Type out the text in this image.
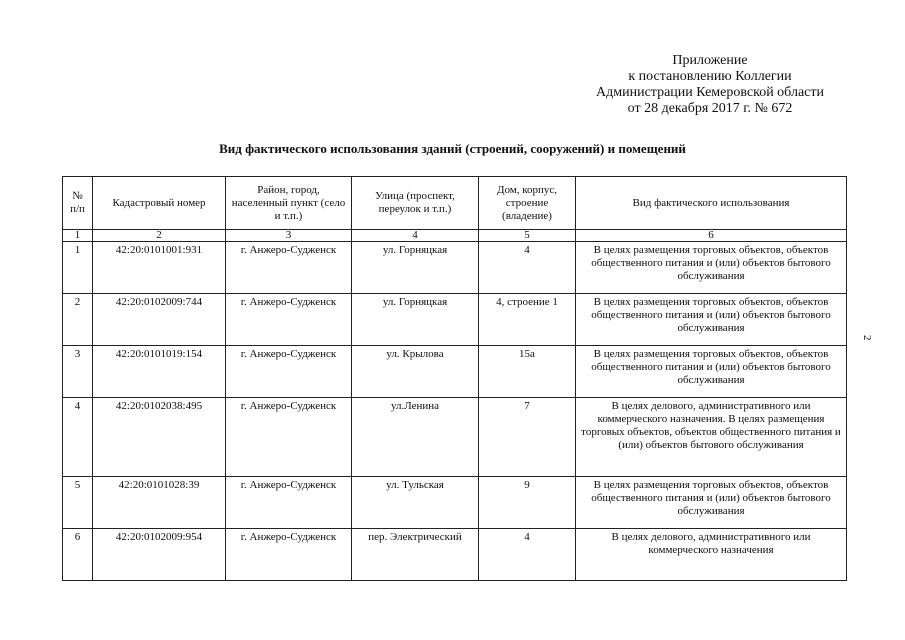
Приложение
к постановлению Коллегии
Администрации Кемеровской области
от 28 декабря 2017 г. № 672
Вид фактического использования зданий (строений, сооружений) и помещений
2
№ п/п	Кадастровый номер	Район, город, населенный пункт (село и т.п.)	Улица (проспект, переулок и т.п.)	Дом, корпус, строение (владение)	Вид фактического использования
1	2	3	4	5	6
1	42:20:0101001:931	г. Анжеро-Судженск	ул. Горняцкая	4	В целях размещения торговых объектов, объектов общественного питания и (или) объектов бытового обслуживания
2	42:20:0102009:744	г. Анжеро-Судженск	ул. Горняцкая	4, строение 1	В целях размещения торговых объектов, объектов общественного питания и (или) объектов бытового обслуживания
3	42:20:0101019:154	г. Анжеро-Судженск	ул. Крылова	15а	В целях размещения торговых объектов, объектов общественного питания и (или) объектов бытового обслуживания
4	42:20:0102038:495	г. Анжеро-Судженск	ул.Ленина	7	В целях делового, административного или коммерческого назначения. В целях размещения торговых объектов, объектов общественного питания и (или) объектов бытового обслуживания
5	42:20:0101028:39	г. Анжеро-Судженск	ул. Тульская	9	В целях размещения торговых объектов, объектов общественного питания и (или) объектов бытового обслуживания
6	42:20:0102009:954	г. Анжеро-Судженск	пер. Электрический	4	В целях делового, административного или коммерческого назначения
